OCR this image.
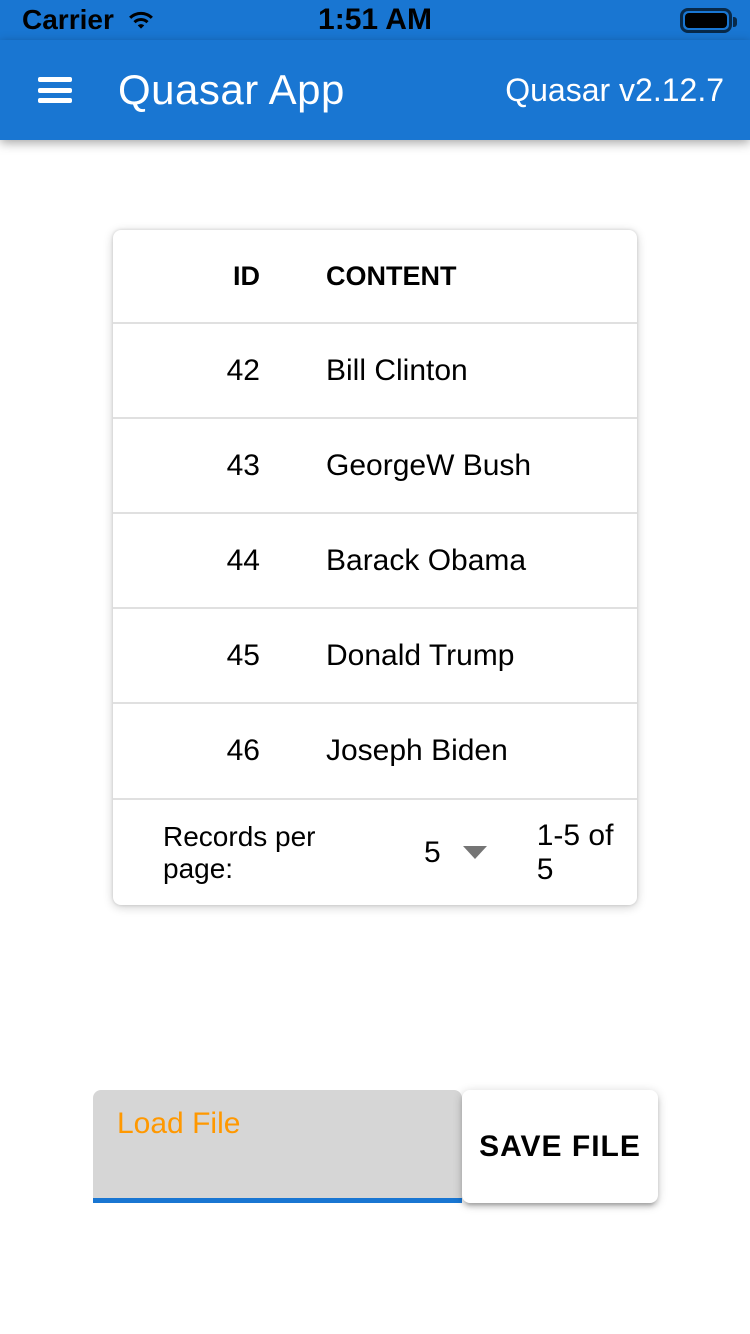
Carrier	1:51 AM
Quasar App	Quasar v2.12.7
ID	CONTENT
42	Bill Clinton
43	GeorgeW Bush
44	Barack Obama
45	Donald Trump
46	Joseph Biden
Records per page:	5
1-5 of 5
Load File
SAVE FILE
